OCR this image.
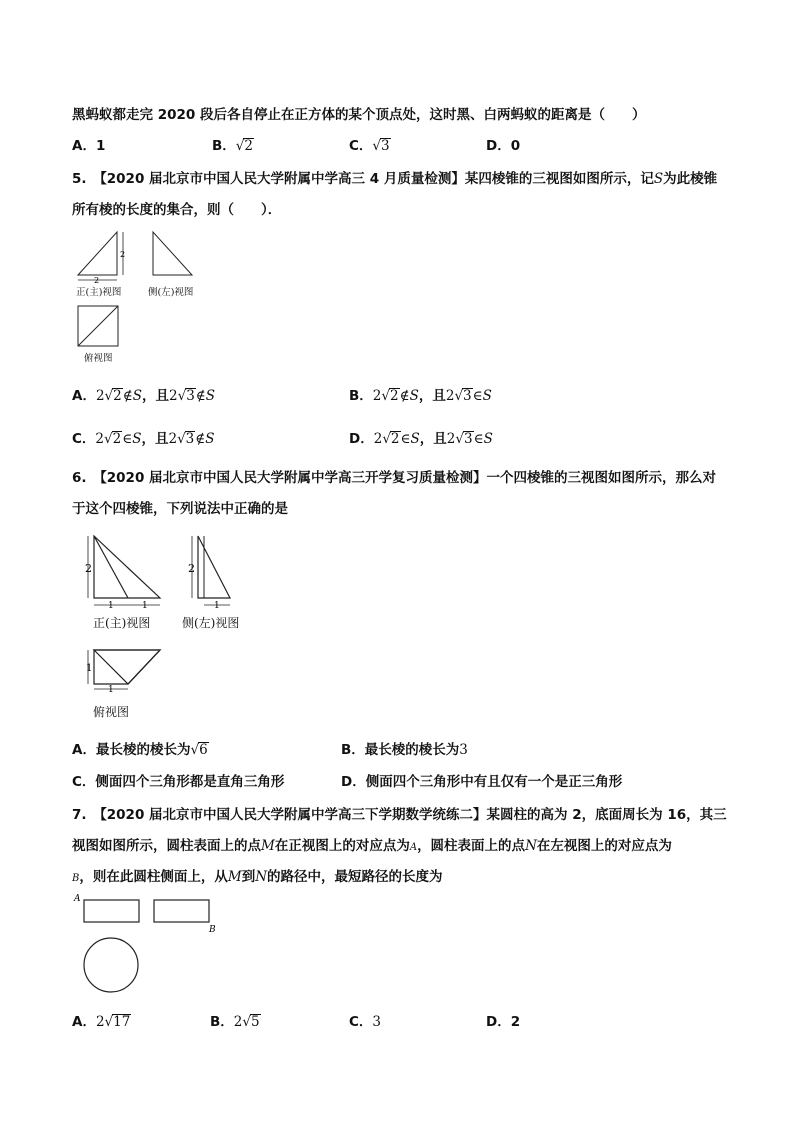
黑蚂蚁都走完 2020 段后各自停止在正方体的某个顶点处，这时黑、白两蚂蚁的距离是（　　）
A．1	B．√2	C．√3	D．0
5.　【2020 届北京市中国人民大学附属中学高三 4 月质量检测】某四棱锥的三视图如图所示，记S为此棱锥
所有棱的长度的集合，则（　　）．
2
2
正(主)视图	侧(左)视图
俯视图
A．2√2∉S，且2√3∉S	B．2√2∉S，且2√3∈S
C．2√2∈S，且2√3∉S	D．2√2∈S，且2√3∈S
6.　【2020 届北京市中国人民大学附属中学高三开学复习质量检测】一个四棱锥的三视图如图所示，那么对
于这个四棱锥，下列说法中正确的是
2
1	1
2
1
1
1
正(主)视图	侧(左)视图
俯视图
A．最长棱的棱长为√6	B．最长棱的棱长为3
C．侧面四个三角形都是直角三角形	D．侧面四个三角形中有且仅有一个是正三角形
7.　【2020 届北京市中国人民大学附属中学高三下学期数学统练二】某圆柱的高为 2，底面周长为 16，其三
视图如图所示，圆柱表面上的点M在正视图上的对应点为A，圆柱表面上的点N在左视图上的对应点为
B，则在此圆柱侧面上，从M到N的路径中，最短路径的长度为
A
B
A．2√17	B．2√5	C．3	D．2
